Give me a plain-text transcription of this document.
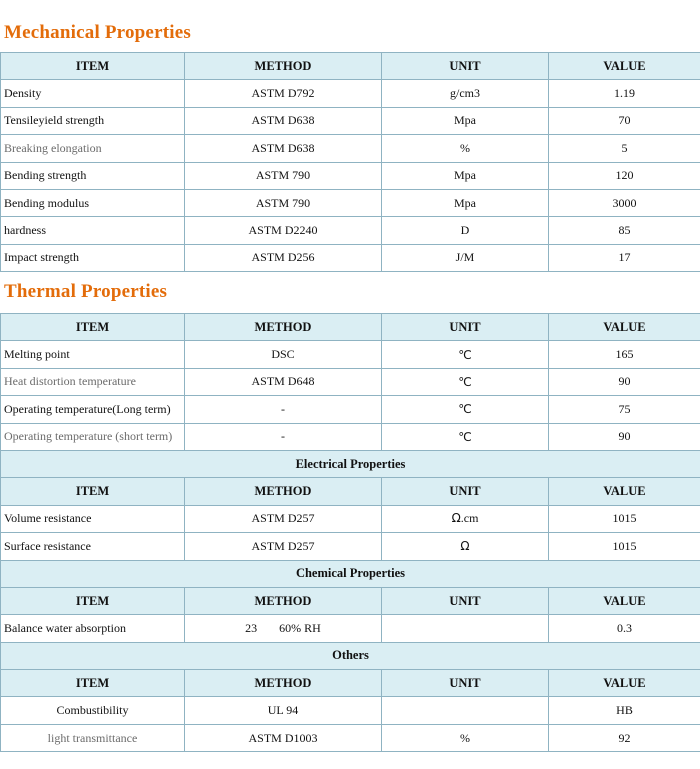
Mechanical Properties
ITEM	METHOD	UNIT	VALUE
Density	ASTM D792	g/cm3	1.19
Tensileyield strength	ASTM D638	Mpa	70
Breaking elongation	ASTM D638	%	5
Bending strength	ASTM 790	Mpa	120
Bending modulus	ASTM 790	Mpa	3000
hardness	ASTM D2240	D	85
Impact strength	ASTM D256	J/M	17
Thermal Properties
ITEM	METHOD	UNIT	VALUE
Melting point	DSC	℃	165
Heat distortion temperature	ASTM D648	℃	90
Operating temperature(Long term)	-	℃	75
Operating temperature (short term)	-	℃	90
Electrical Properties			
ITEM	METHOD	UNIT	VALUE
Volume resistance	ASTM D257	Ω.cm	1015
Surface resistance	ASTM D257	Ω	1015
Chemical Properties			
ITEM	METHOD	UNIT	VALUE
Balance water absorption	23 60% RH		0.3
Others			
ITEM	METHOD	UNIT	VALUE
Combustibility	UL 94		HB
light transmittance	ASTM D1003	%	92
